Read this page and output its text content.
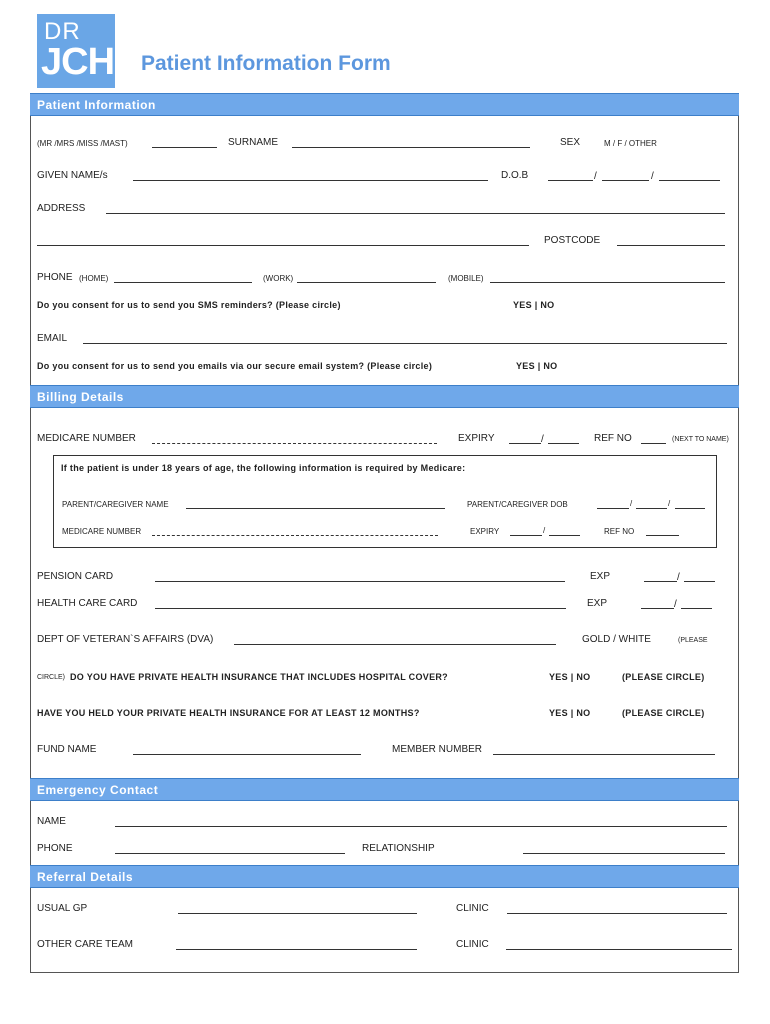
DR
JCH Patient Information Form
Patient Information
(MR /MRS /MISS /MAST)	SURNAME	SEX	M / F / OTHER
GIVEN NAME/s	D.O.B	/	/
ADDRESS
POSTCODE
PHONE (HOME)	(WORK)	(MOBILE)
Do you consent for us to send you SMS reminders? (Please circle)	YES | NO
EMAIL
Do you consent for us to send you emails via our secure email system? (Please circle)	YES | NO
Billing Details
MEDICARE NUMBER	EXPIRY	/	REF NO	(NEXT TO NAME)
If the patient is under 18 years of age, the following information is required by Medicare:
PARENT/CAREGIVER NAME	PARENT/CAREGIVER DOB	/	/
MEDICARE NUMBER	EXPIRY	/	REF NO
PENSION CARD	EXP	/
HEALTH CARE CARD	EXP	/
DEPT OF VETERAN`S AFFAIRS (DVA)	GOLD / WHITE	(PLEASE
CIRCLE) DO YOU HAVE PRIVATE HEALTH INSURANCE THAT INCLUDES HOSPITAL COVER?	YES | NO	(PLEASE CIRCLE)
HAVE YOU HELD YOUR PRIVATE HEALTH INSURANCE FOR AT LEAST 12 MONTHS?	YES | NO	(PLEASE CIRCLE)
FUND NAME	MEMBER NUMBER
Emergency Contact
NAME
PHONE	RELATIONSHIP
Referral Details
USUAL GP	CLINIC
OTHER CARE TEAM	CLINIC
